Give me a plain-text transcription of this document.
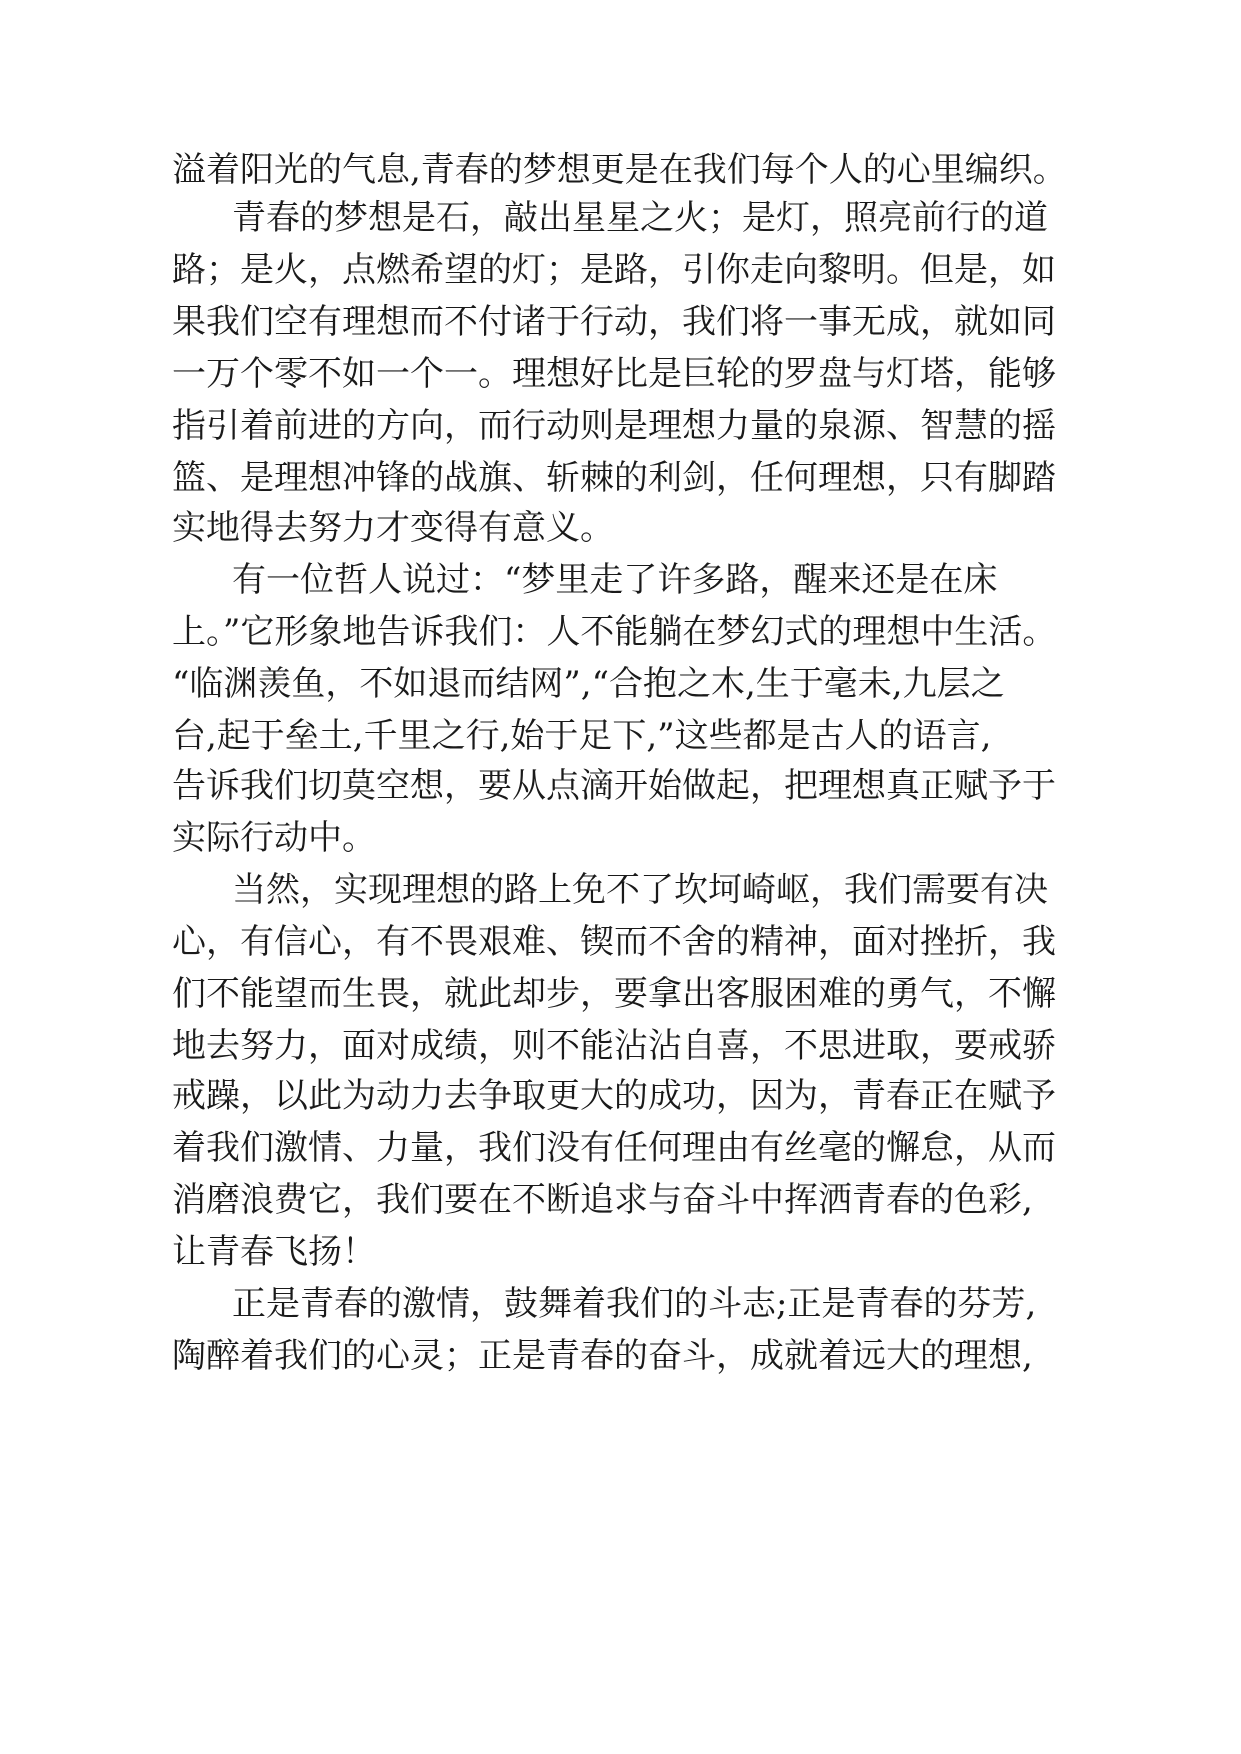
溢着阳光的气息,青春的梦想更是在我们每个人的心里编织。
青春的梦想是石，敲出星星之火；是灯，照亮前行的道
路；是火，点燃希望的灯；是路，引你走向黎明。但是，如
果我们空有理想而不付诸于行动，我们将一事无成，就如同
一万个零不如一个一。理想好比是巨轮的罗盘与灯塔，能够
指引着前进的方向，而行动则是理想力量的泉源、智慧的摇
篮、是理想冲锋的战旗、斩棘的利剑，任何理想，只有脚踏
实地得去努力才变得有意义。
有一位哲人说过：“梦里走了许多路，醒来还是在床
上。”它形象地告诉我们：人不能躺在梦幻式的理想中生活。
“临渊羡鱼，不如退而结网”,“合抱之木,生于毫未,九层之
台,起于垒土,千里之行,始于足下,”这些都是古人的语言,
告诉我们切莫空想，要从点滴开始做起，把理想真正赋予于
实际行动中。
当然，实现理想的路上免不了坎坷崎岖，我们需要有决
心，有信心，有不畏艰难、锲而不舍的精神，面对挫折，我
们不能望而生畏，就此却步，要拿出客服困难的勇气，不懈
地去努力，面对成绩，则不能沾沾自喜，不思进取，要戒骄
戒躁，以此为动力去争取更大的成功，因为，青春正在赋予
着我们激情、力量，我们没有任何理由有丝毫的懈怠，从而
消磨浪费它，我们要在不断追求与奋斗中挥洒青春的色彩,
让青春飞扬！
正是青春的激情，鼓舞着我们的斗志;正是青春的芬芳,
陶醉着我们的心灵；正是青春的奋斗，成就着远大的理想,
